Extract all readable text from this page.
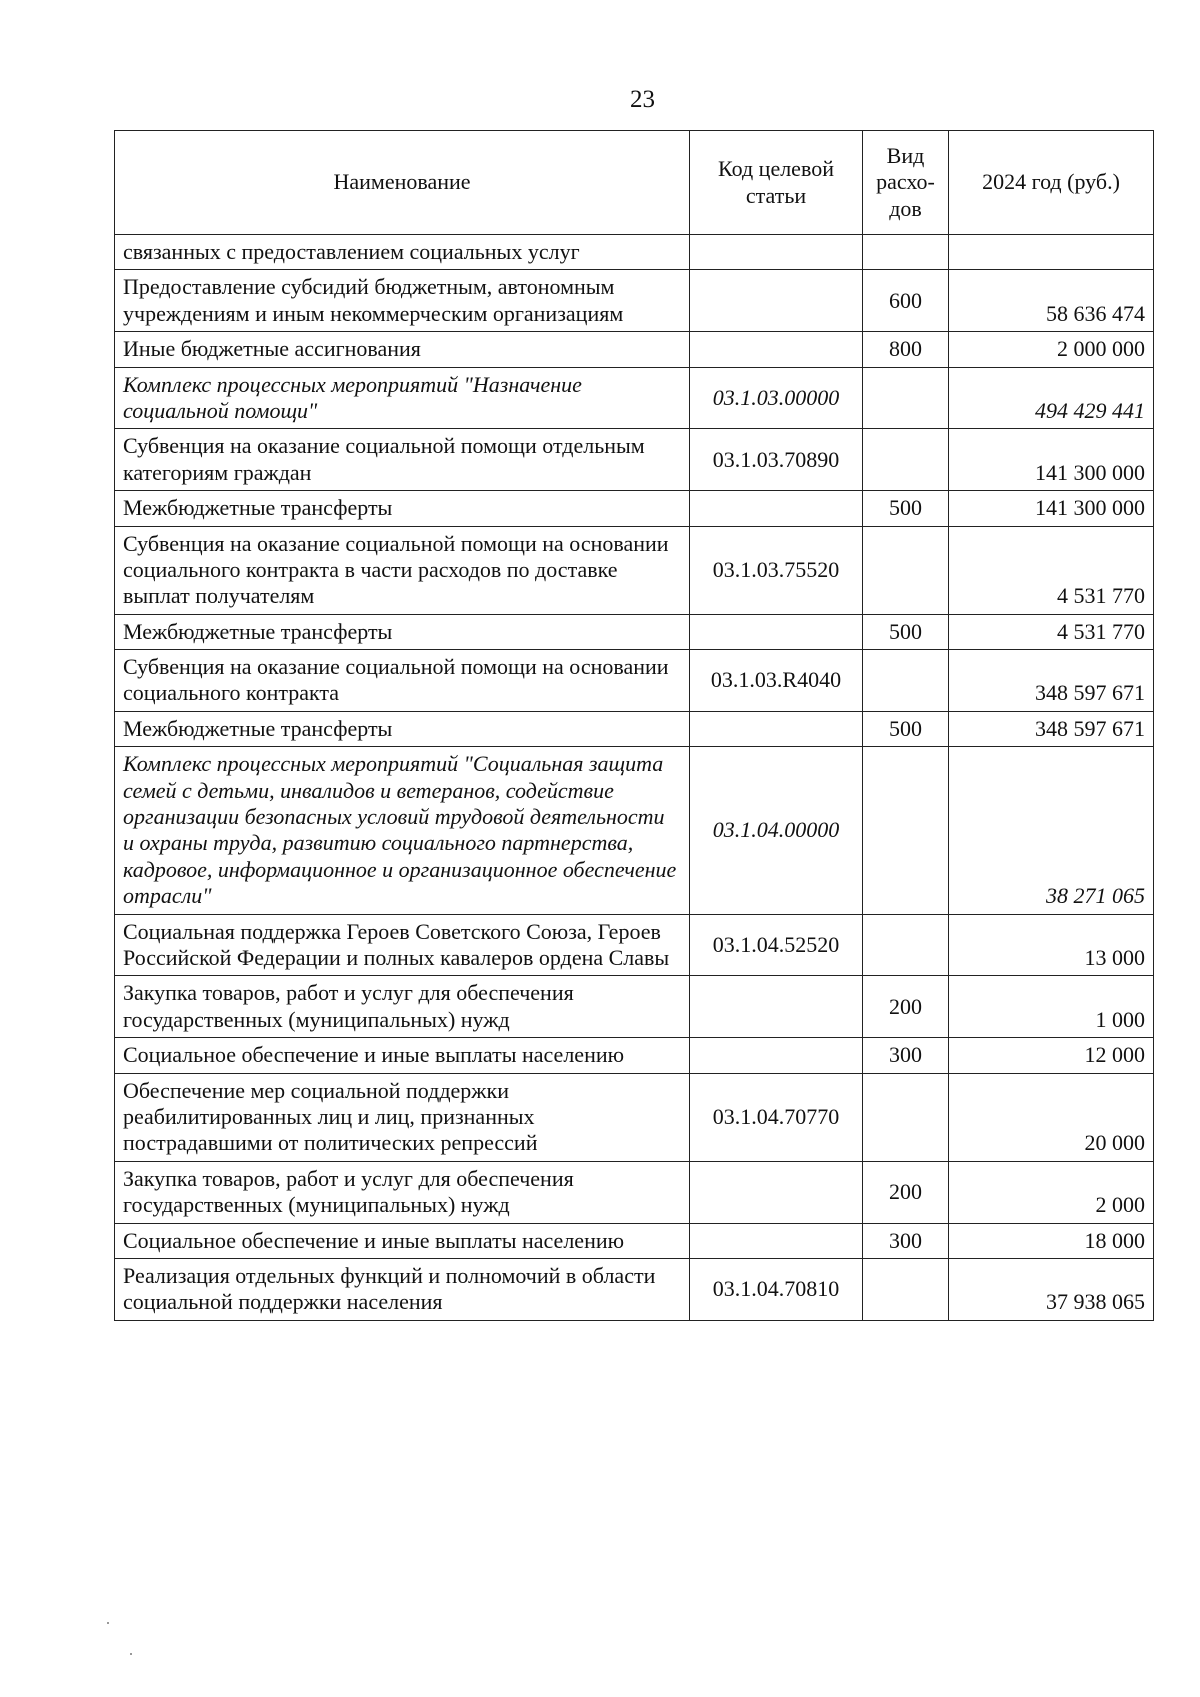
23
Наименование	Код целевой статьи	Вид расхо-дов	2024 год (руб.)
связанных с предоставлением социальных услуг			
Предоставление субсидий бюджетным, автономным учреждениям и иным некоммерческим организациям		600	58 636 474
Иные бюджетные ассигнования		800	2 000 000
Комплекс процессных мероприятий "Назначение социальной помощи"	03.1.03.00000		494 429 441
Субвенция на оказание социальной помощи отдельным категориям граждан	03.1.03.70890		141 300 000
Межбюджетные трансферты		500	141 300 000
Субвенция на оказание социальной помощи на основании социального контракта в части расходов по доставке выплат получателям	03.1.03.75520		4 531 770
Межбюджетные трансферты		500	4 531 770
Субвенция на оказание социальной помощи на основании социального контракта	03.1.03.R4040		348 597 671
Межбюджетные трансферты		500	348 597 671
Комплекс процессных мероприятий "Социальная защита семей с детьми, инвалидов и ветеранов, содействие организации безопасных условий трудовой деятельности и охраны труда, развитию социального партнерства, кадровое, информационное и организационное обеспечение отрасли"	03.1.04.00000		38 271 065
Социальная поддержка Героев Советского Союза, Героев Российской Федерации и полных кавалеров ордена Славы	03.1.04.52520		13 000
Закупка товаров, работ и услуг для обеспечения государственных (муниципальных) нужд		200	1 000
Социальное обеспечение и иные выплаты населению		300	12 000
Обеспечение мер социальной поддержки реабилитированных лиц и лиц, признанных пострадавшими от политических репрессий	03.1.04.70770		20 000
Закупка товаров, работ и услуг для обеспечения государственных (муниципальных) нужд		200	2 000
Социальное обеспечение и иные выплаты населению		300	18 000
Реализация отдельных функций и полномочий в области социальной поддержки населения	03.1.04.70810		37 938 065
